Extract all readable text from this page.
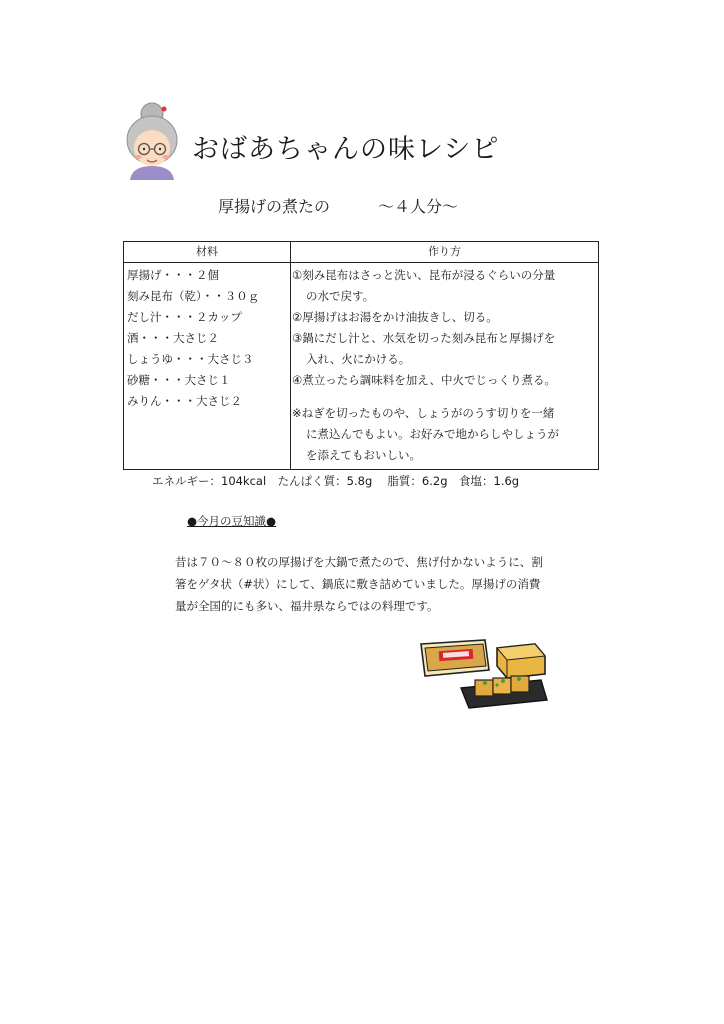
おばあちゃんの味レシピ
厚揚げの煮たの	～４人分～
材料	作り方
厚揚げ・・・２個
刻み昆布（乾）・・３０ｇ
だし汁・・・２カップ
酒・・・大さじ２
しょうゆ・・・大さじ３
砂糖・・・大さじ１
みりん・・・大さじ２
①刻み昆布はさっと洗い、昆布が浸るぐらいの分量
の水で戻す。
②厚揚げはお湯をかけ油抜きし、切る。
③鍋にだし汁と、水気を切った刻み昆布と厚揚げを
入れ、火にかける。
④煮立ったら調味料を加え、中火でじっくり煮る。
※ねぎを切ったものや、しょうがのうす切りを一緒
に煮込んでもよい。お好みで地からしやしょうが
を添えてもおいしい。
エネルギー：104kcal　たんぱく質：5.8g　 脂質：6.2g　食塩：1.6g
●今月の豆知識●
昔は７０～８０枚の厚揚げを大鍋で煮たので、焦げ付かないように、割
箸をゲタ状（#状）にして、鍋底に敷き詰めていました。厚揚げの消費
量が全国的にも多い、福井県ならではの料理です。
